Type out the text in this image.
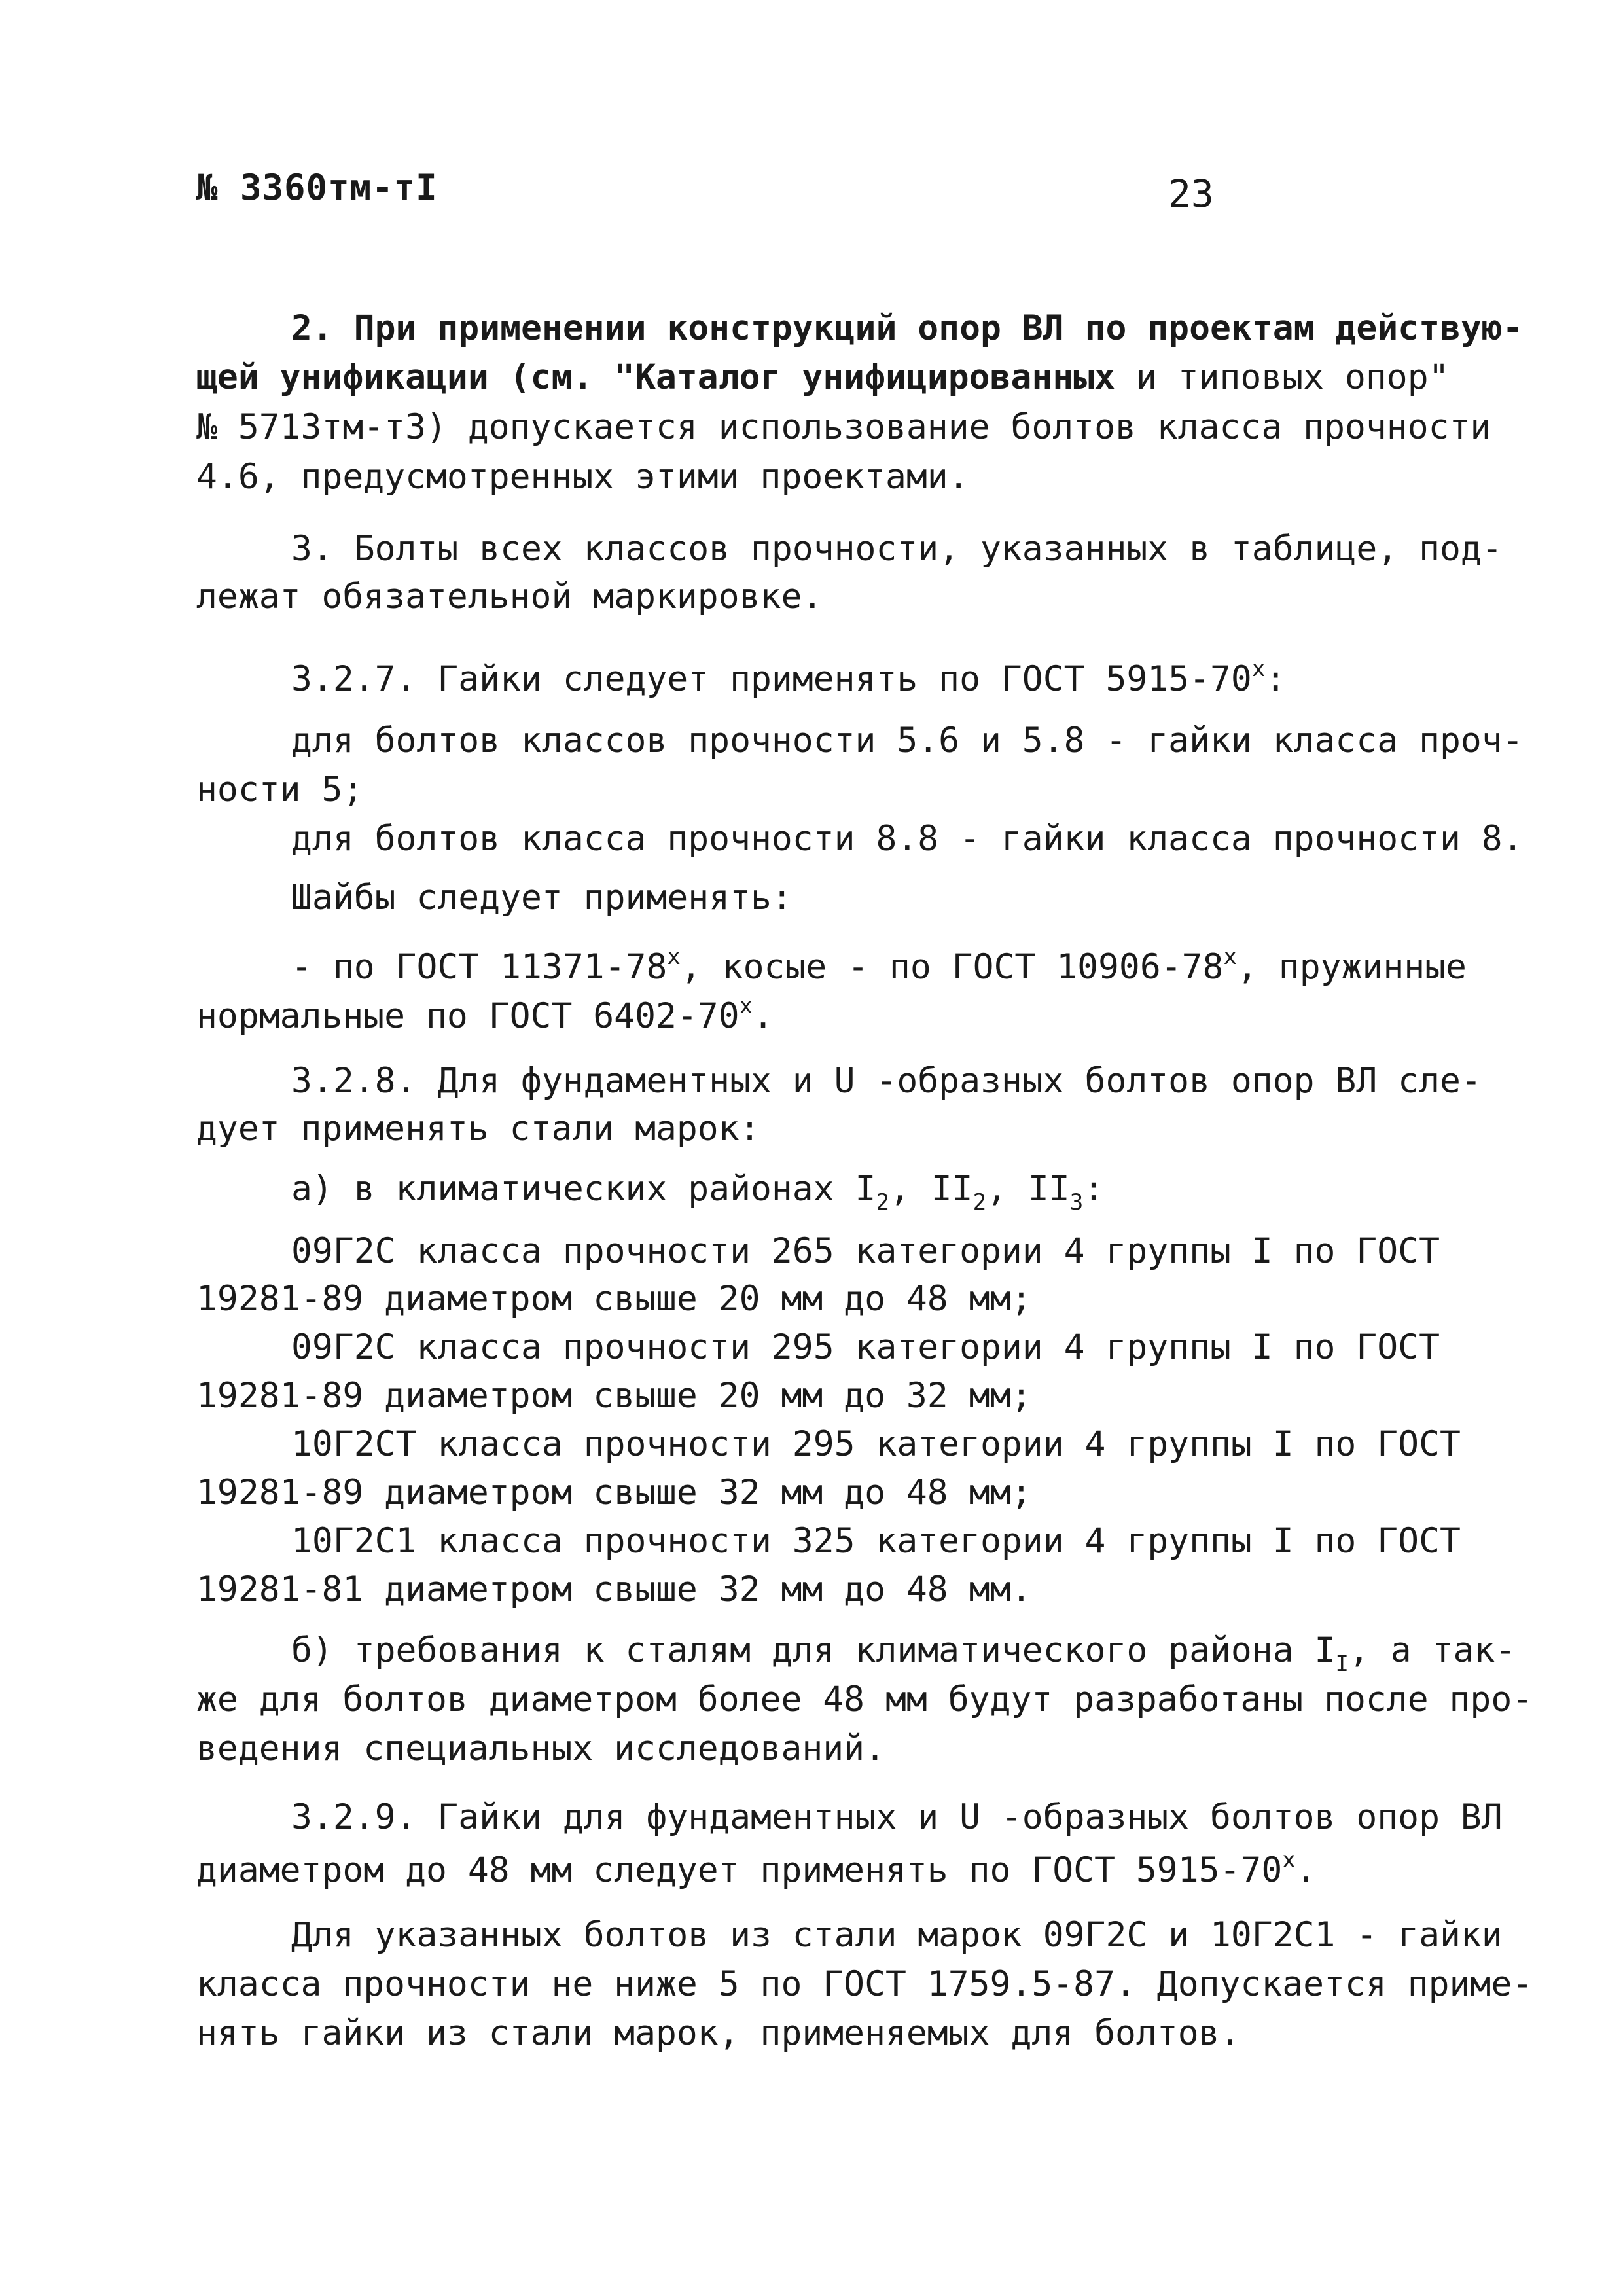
№ 3360тм-тI	23
2. При применении конструкций опор ВЛ по проектам действую-
щей унификации (см. "Каталог унифицированных и типовых опор"
№ 5713тм-т3) допускается использование болтов класса прочности
4.6, предусмотренных этими проектами.
3. Болты всех классов прочности, указанных в таблице, под-
лежат обязательной маркировке.
3.2.7. Гайки следует применять по ГОСТ 5915-70$^x$:
для болтов классов прочности 5.6 и 5.8 - гайки класса проч-
ности 5;
для болтов класса прочности 8.8 - гайки класса прочности 8.
Шайбы следует применять:
- по ГОСТ 11371-78$^x$, косые - по ГОСТ 10906-78$^x$, пружинные
нормальные по ГОСТ 6402-70$^x$.
3.2.8. Для фундаментных и U -образных болтов опор ВЛ сле-
дует применять стали марок:
а) в климатических районах $I_2$, $II_2$, $II_3$:
09Г2С класса прочности 265 категории 4 группы I по ГОСТ
19281-89 диаметром свыше 20 мм до 48 мм;
09Г2С класса прочности 295 категории 4 группы I по ГОСТ
19281-89 диаметром свыше 20 мм до 32 мм;
10Г2СТ класса прочности 295 категории 4 группы I по ГОСТ
19281-89 диаметром свыше 32 мм до 48 мм;
10Г2С1 класса прочности 325 категории 4 группы I по ГОСТ
19281-81 диаметром свыше 32 мм до 48 мм.
б) требования к сталям для климатического района $I_I$, а так-
же для болтов диаметром более 48 мм будут разработаны после про-
ведения специальных исследований.
3.2.9. Гайки для фундаментных и U -образных болтов опор ВЛ
диаметром до 48 мм следует применять по ГОСТ 5915-70$^x$.
Для указанных болтов из стали марок 09Г2С и 10Г2С1 - гайки
класса прочности не ниже 5 по ГОСТ 1759.5-87. Допускается приме-
нять гайки из стали марок, применяемых для болтов.
